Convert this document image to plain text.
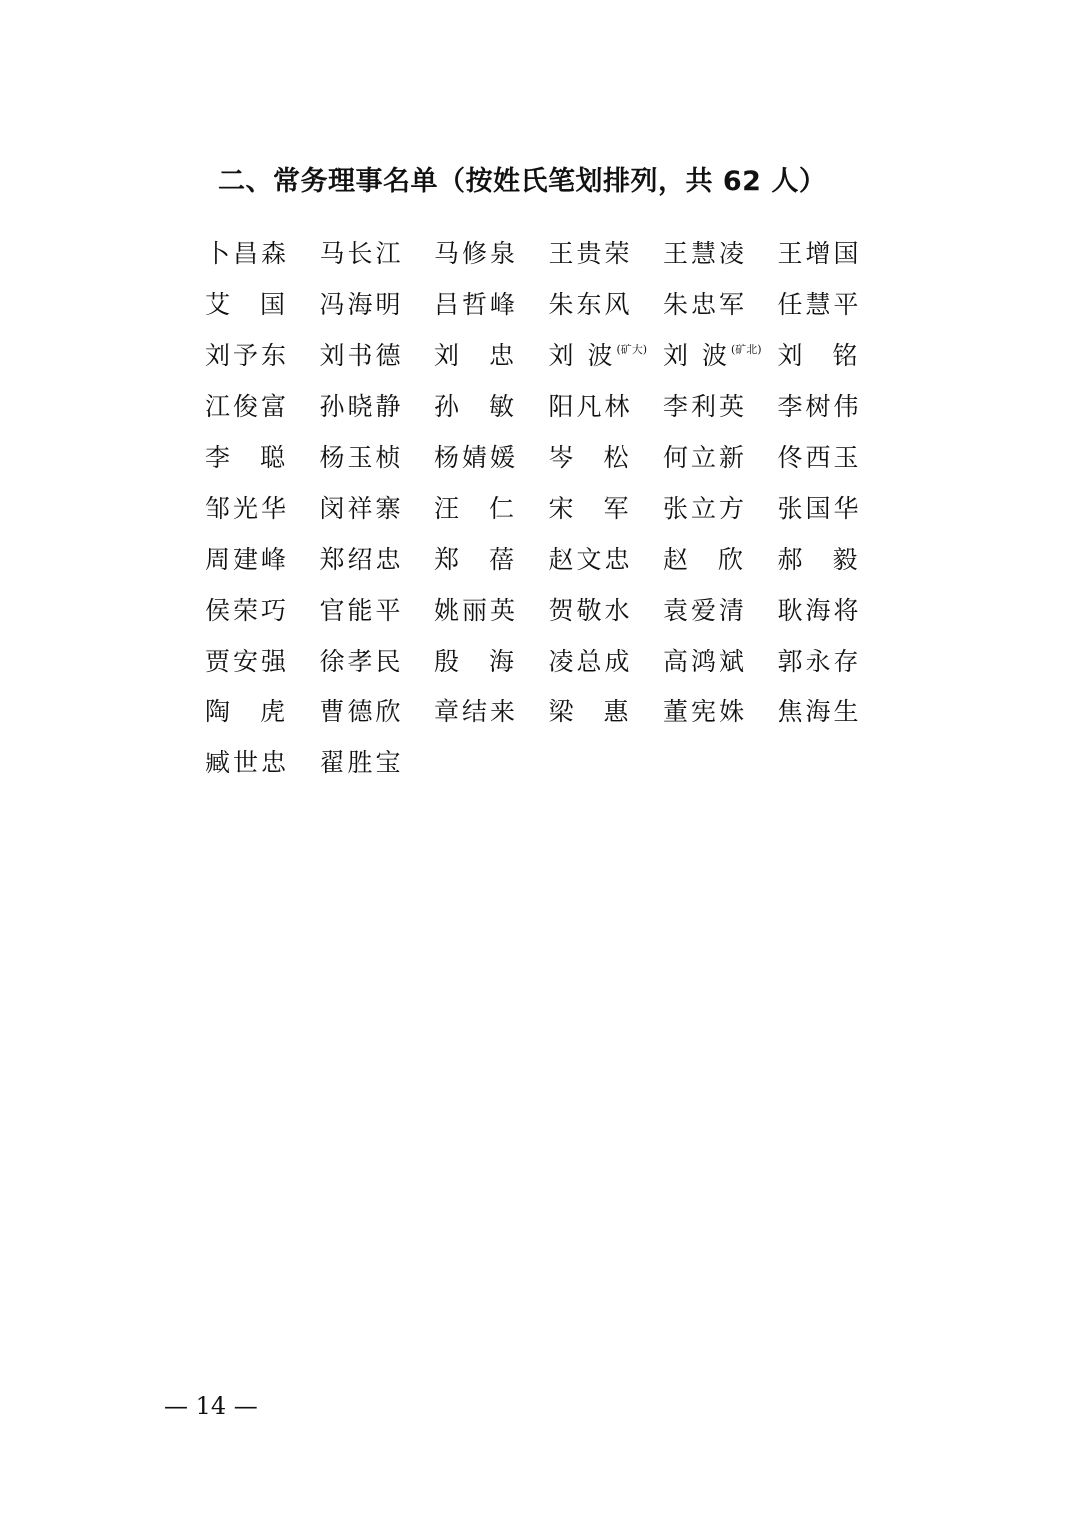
二、常务理事名单（按姓氏笔划排列，共 62 人）
卜昌森 马长江 马修泉 王贵荣 王慧凌 王增国
艾 国 冯海明 吕哲峰 朱东风 朱忠军 任慧平
刘予东 刘书德 刘 忠 刘 波 (矿大) 刘 波 (矿北) 刘 铭
江俊富 孙晓静 孙 敏 阳凡林 李利英 李树伟
李 聪 杨玉桢 杨婧媛 岑 松 何立新 佟西玉
邹光华 闵祥寨 汪 仁 宋 军 张立方 张国华
周建峰 郑绍忠 郑 蓓 赵文忠 赵 欣 郝 毅
侯荣巧 官能平 姚丽英 贺敬水 袁爱清 耿海将
贾安强 徐孝民 殷 海 凌总成 高鸿斌 郭永存
陶 虎 曹德欣 章结来 梁 惠 董宪姝 焦海生
臧世忠 翟胜宝
— 14 —
